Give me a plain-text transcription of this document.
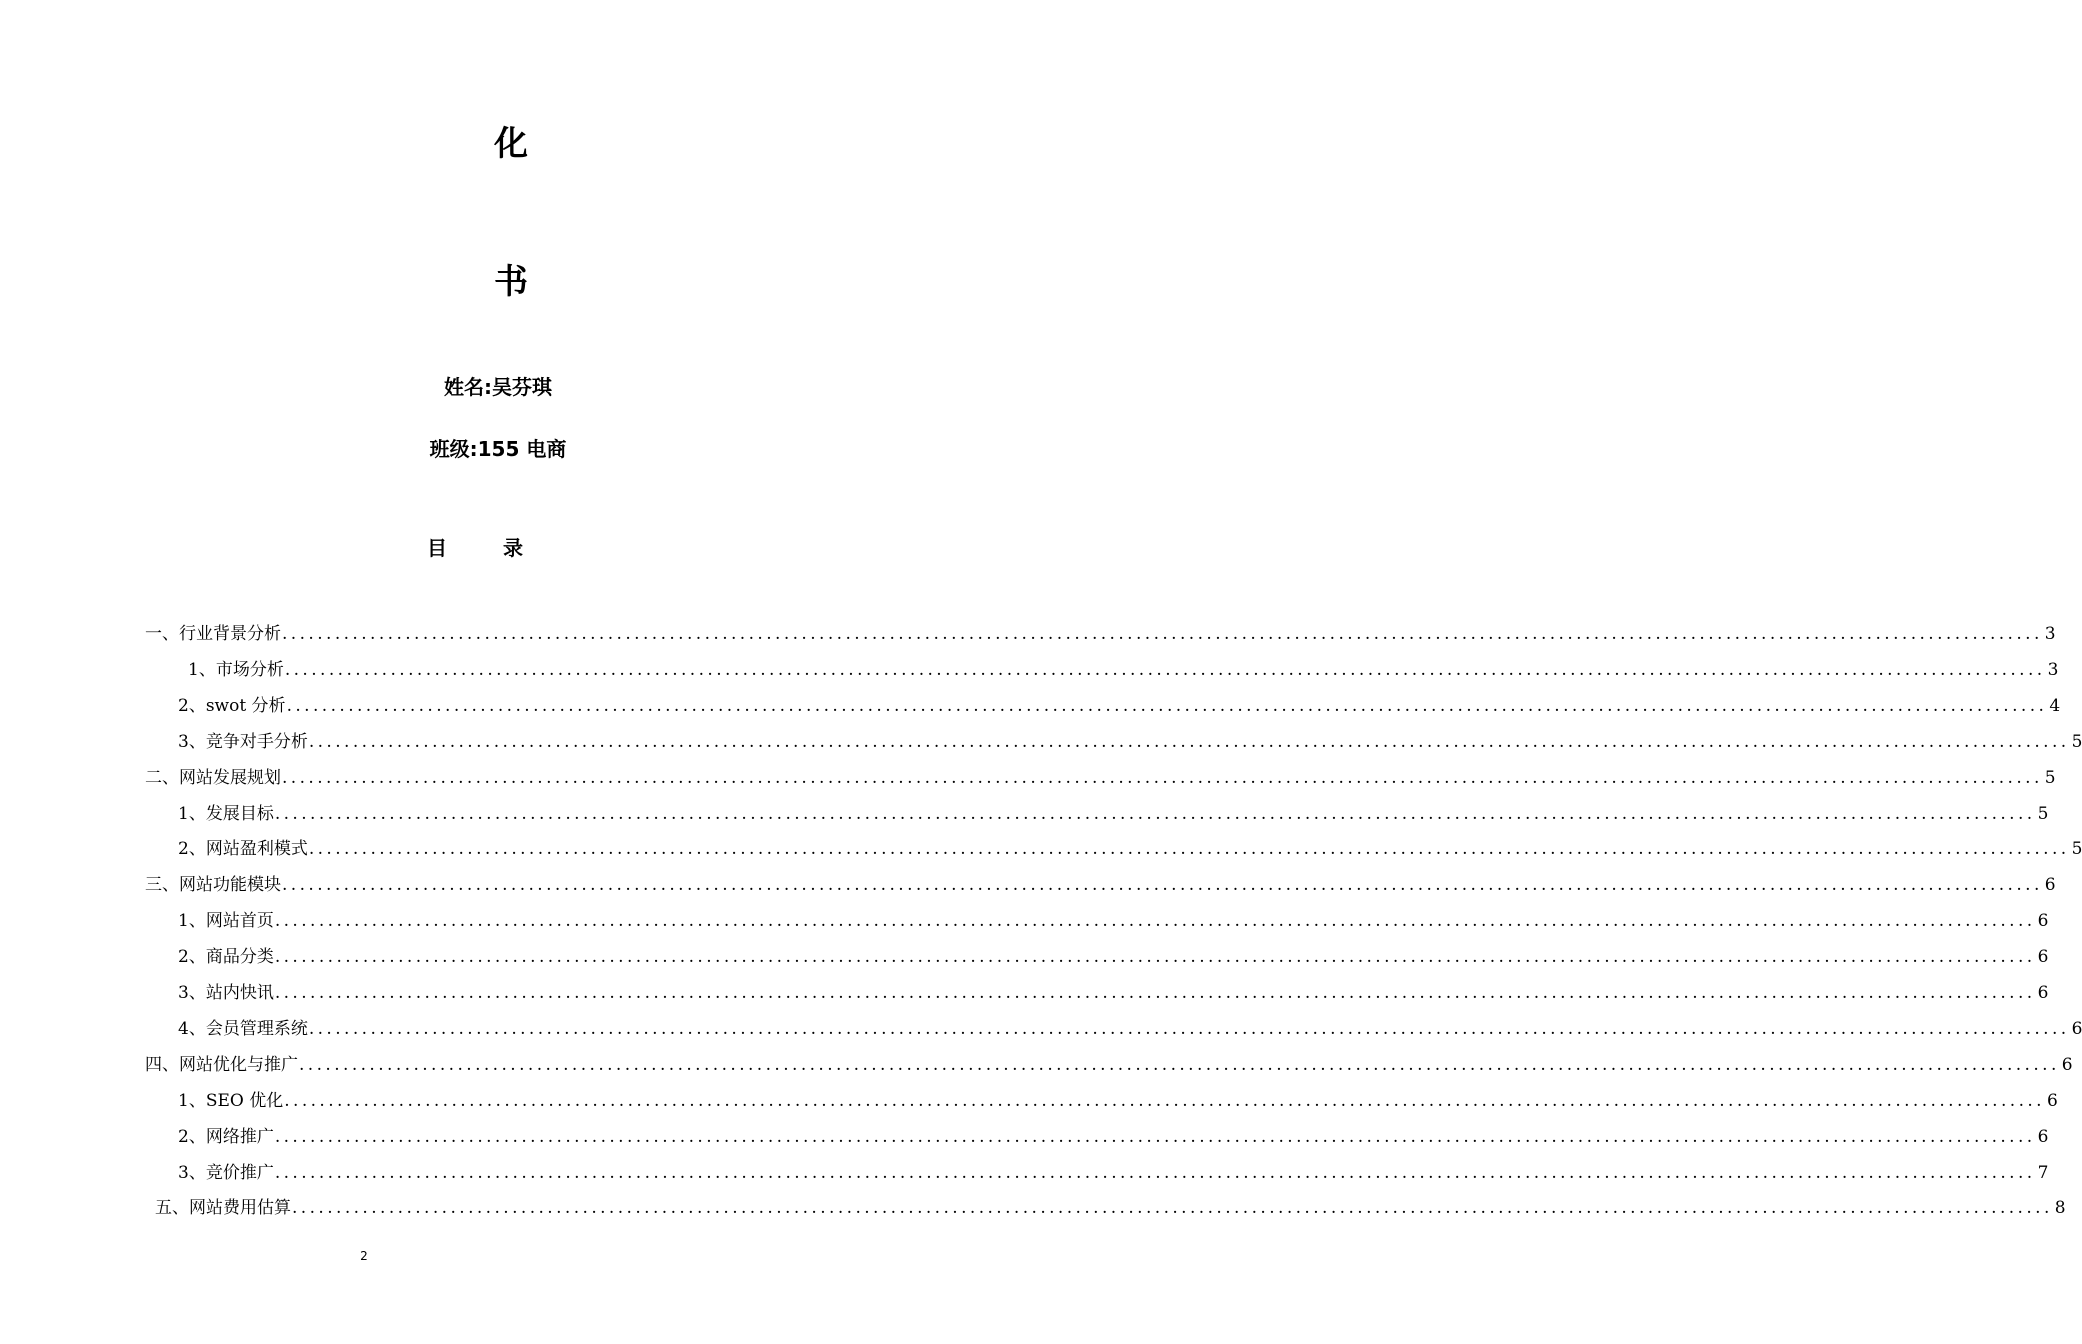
化
书
姓名:吴芬琪
班级:155 电商
目	录
一、行业背景分析 ........................................................................................................................................................................................................ 3
1、市场分析 ........................................................................................................................................................................................................ 3
2、swot 分析 ........................................................................................................................................................................................................ 4
3、竞争对手分析 ........................................................................................................................................................................................................ 5
二、网站发展规划 ........................................................................................................................................................................................................ 5
1、发展目标 ........................................................................................................................................................................................................ 5
2、网站盈利模式 ........................................................................................................................................................................................................ 5
三、网站功能模块 ........................................................................................................................................................................................................ 6
1、网站首页 ........................................................................................................................................................................................................ 6
2、商品分类 ........................................................................................................................................................................................................ 6
3、站内快讯 ........................................................................................................................................................................................................ 6
4、会员管理系统 ........................................................................................................................................................................................................ 6
四、网站优化与推广 ........................................................................................................................................................................................................ 6
1、SEO 优化 ........................................................................................................................................................................................................ 6
2、网络推广 ........................................................................................................................................................................................................ 6
3、竞价推广 ........................................................................................................................................................................................................ 7
五、网站费用估算 ........................................................................................................................................................................................................ 8
2
